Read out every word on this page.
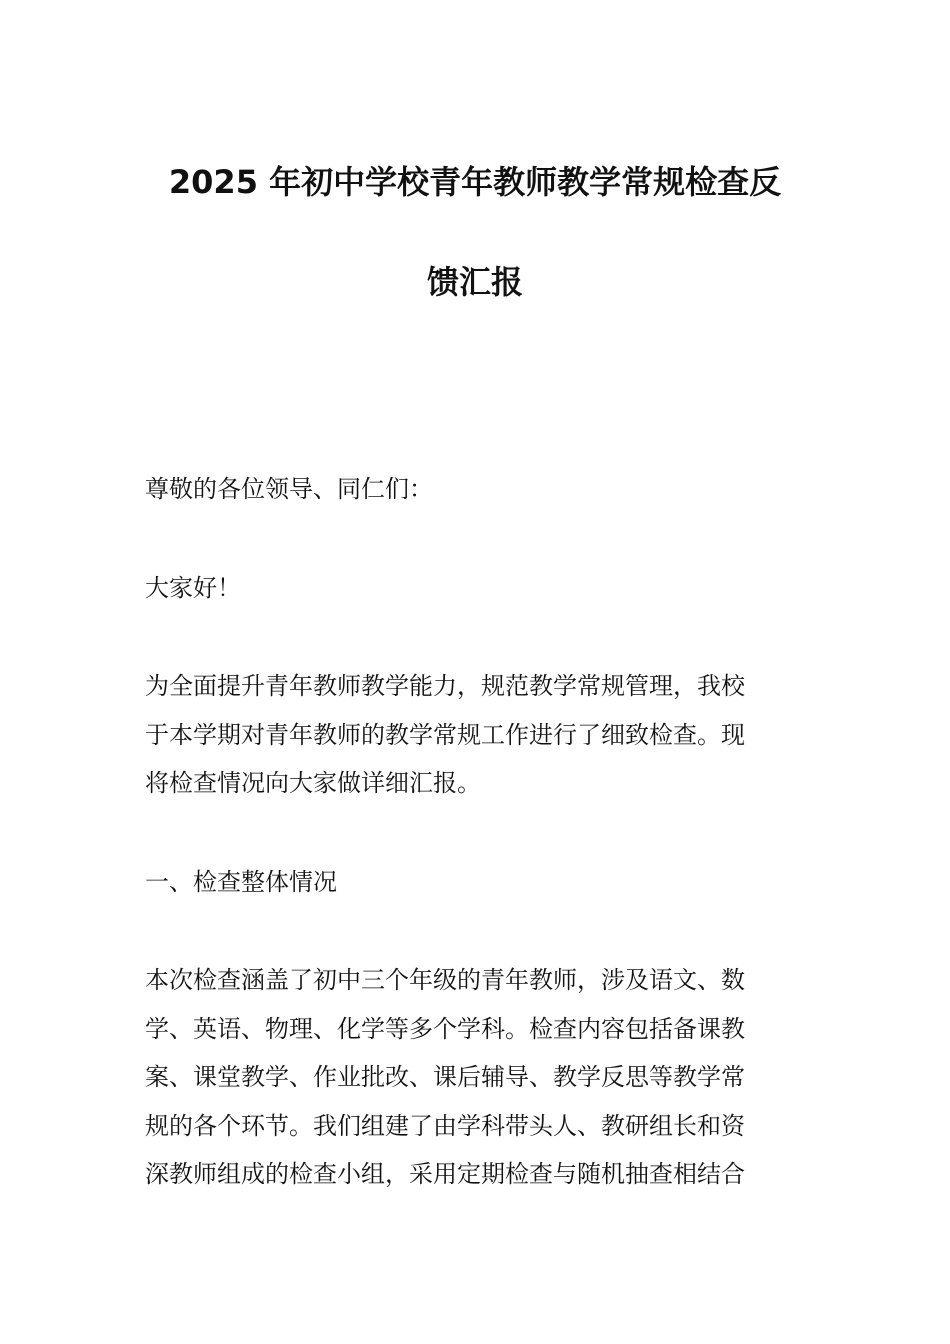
2025 年初中学校青年教师教学常规检查反
馈汇报

尊敬的各位领导、同仁们：

大家好！

为全面提升青年教师教学能力，规范教学常规管理，我校
于本学期对青年教师的教学常规工作进行了细致检查。现
将检查情况向大家做详细汇报。

一、检查整体情况

本次检查涵盖了初中三个年级的青年教师，涉及语文、数
学、英语、物理、化学等多个学科。检查内容包括备课教
案、课堂教学、作业批改、课后辅导、教学反思等教学常
规的各个环节。我们组建了由学科带头人、教研组长和资
深教师组成的检查小组，采用定期检查与随机抽查相结合
